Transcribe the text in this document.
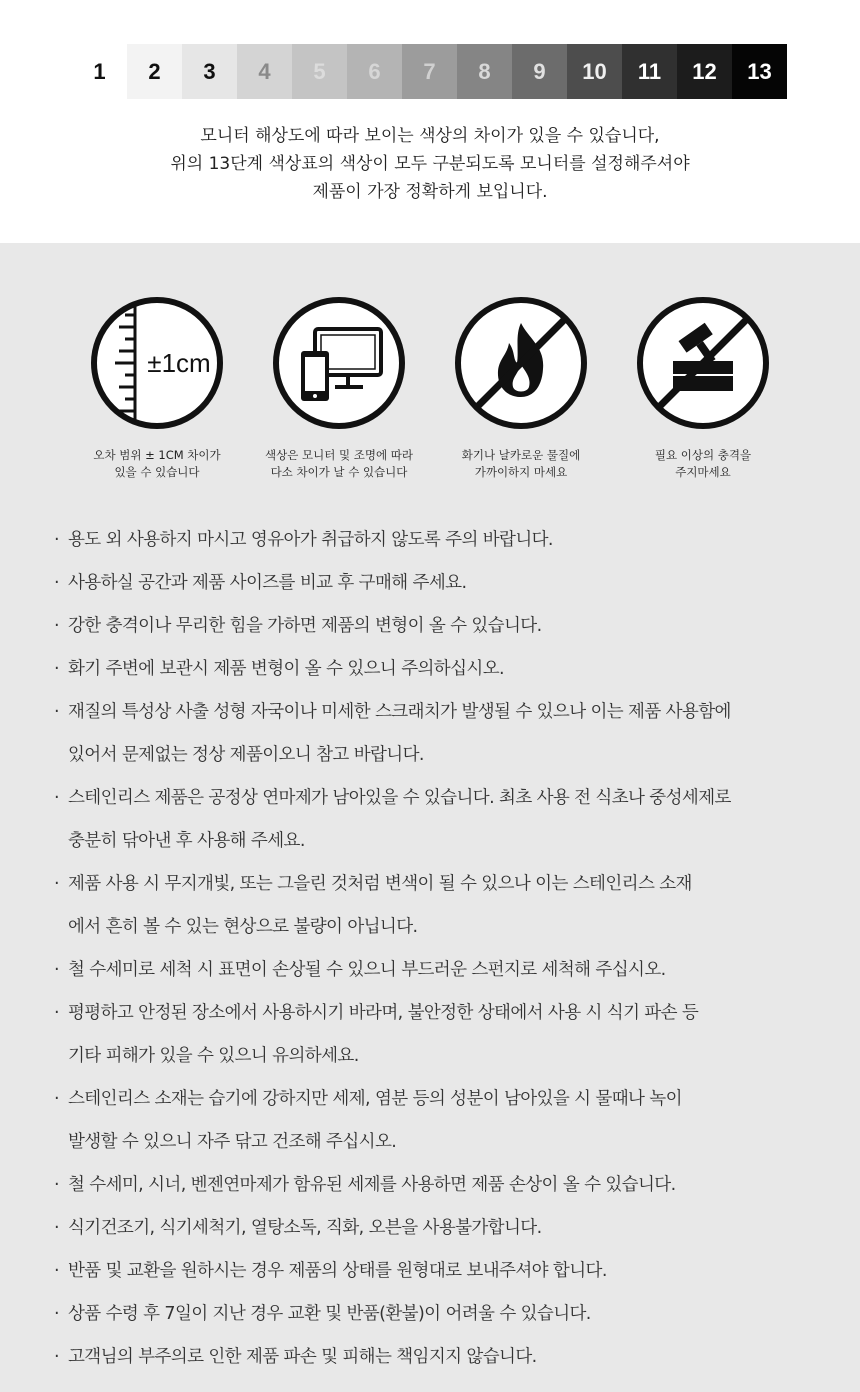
1	2	3	4	5	6	7	8	9	10	11	12	13
모니터 해상도에 따라 보이는 색상의 차이가 있을 수 있습니다,
위의 13단계 색상표의 색상이 모두 구분되도록 모니터를 설정해주셔야
제품이 가장 정확하게 보입니다.
±1cm
오차 범위 ± 1CM 차이가
있을 수 있습니다
색상은 모니터 및 조명에 따라
다소 차이가 날 수 있습니다
화기나 날카로운 물질에
가까이하지 마세요
필요 이상의 충격을
주지마세요
· 용도 외 사용하지 마시고 영유아가 취급하지 않도록 주의 바랍니다.
· 사용하실 공간과 제품 사이즈를 비교 후 구매해 주세요.
· 강한 충격이나 무리한 힘을 가하면 제품의 변형이 올 수 있습니다.
· 화기 주변에 보관시 제품 변형이 올 수 있으니 주의하십시오.
· 재질의 특성상 사출 성형 자국이나 미세한 스크래치가 발생될 수 있으나 이는 제품 사용함에
있어서 문제없는 정상 제품이오니 참고 바랍니다.
· 스테인리스 제품은 공정상 연마제가 남아있을 수 있습니다. 최초 사용 전 식초나 중성세제로
충분히 닦아낸 후 사용해 주세요.
· 제품 사용 시 무지개빛, 또는 그을린 것처럼 변색이 될 수 있으나 이는 스테인리스 소재
에서 흔히 볼 수 있는 현상으로 불량이 아닙니다.
· 철 수세미로 세척 시 표면이 손상될 수 있으니 부드러운 스펀지로 세척해 주십시오.
· 평평하고 안정된 장소에서 사용하시기 바라며, 불안정한 상태에서 사용 시 식기 파손 등
기타 피해가 있을 수 있으니 유의하세요.
· 스테인리스 소재는 습기에 강하지만 세제, 염분 등의 성분이 남아있을 시 물때나 녹이
발생할 수 있으니 자주 닦고 건조해 주십시오.
· 철 수세미, 시너, 벤젠연마제가 함유된 세제를 사용하면 제품 손상이 올 수 있습니다.
· 식기건조기, 식기세척기, 열탕소독, 직화, 오븐을 사용불가합니다.
· 반품 및 교환을 원하시는 경우 제품의 상태를 원형대로 보내주셔야 합니다.
· 상품 수령 후 7일이 지난 경우 교환 및 반품(환불)이 어려울 수 있습니다.
· 고객님의 부주의로 인한 제품 파손 및 피해는 책임지지 않습니다.
